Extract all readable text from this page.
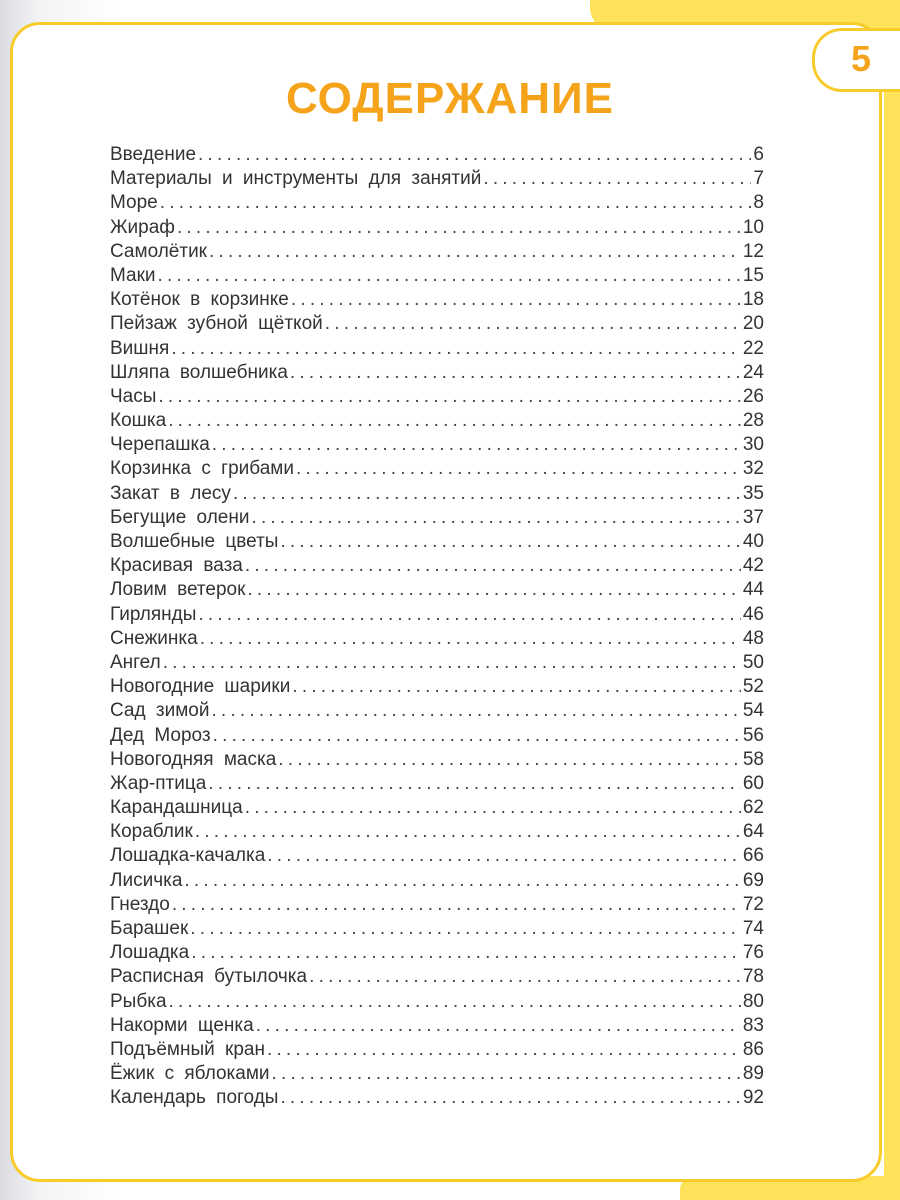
5
СОДЕРЖАНИЕ
Введение .....	6
Материалы и инструменты для занятий .....	7
Море .....	8
Жираф .....	10
Самолётик .....	12
Маки .....	15
Котёнок в корзинке .....	18
Пейзаж зубной щёткой .....	20
Вишня .....	22
Шляпа волшебника .....	24
Часы .....	26
Кошка .....	28
Черепашка .....	30
Корзинка с грибами .....	32
Закат в лесу .....	35
Бегущие олени .....	37
Волшебные цветы .....	40
Красивая ваза .....	42
Ловим ветерок .....	44
Гирлянды .....	46
Снежинка .....	48
Ангел .....	50
Новогодние шарики .....	52
Сад зимой .....	54
Дед Мороз .....	56
Новогодняя маска .....	58
Жар-птица .....	60
Карандашница .....	62
Кораблик .....	64
Лошадка-качалка .....	66
Лисичка .....	69
Гнездо .....	72
Барашек .....	74
Лошадка .....	76
Расписная бутылочка .....	78
Рыбка .....	80
Накорми щенка .....	83
Подъёмный кран .....	86
Ёжик с яблоками .....	89
Календарь погоды .....	92
